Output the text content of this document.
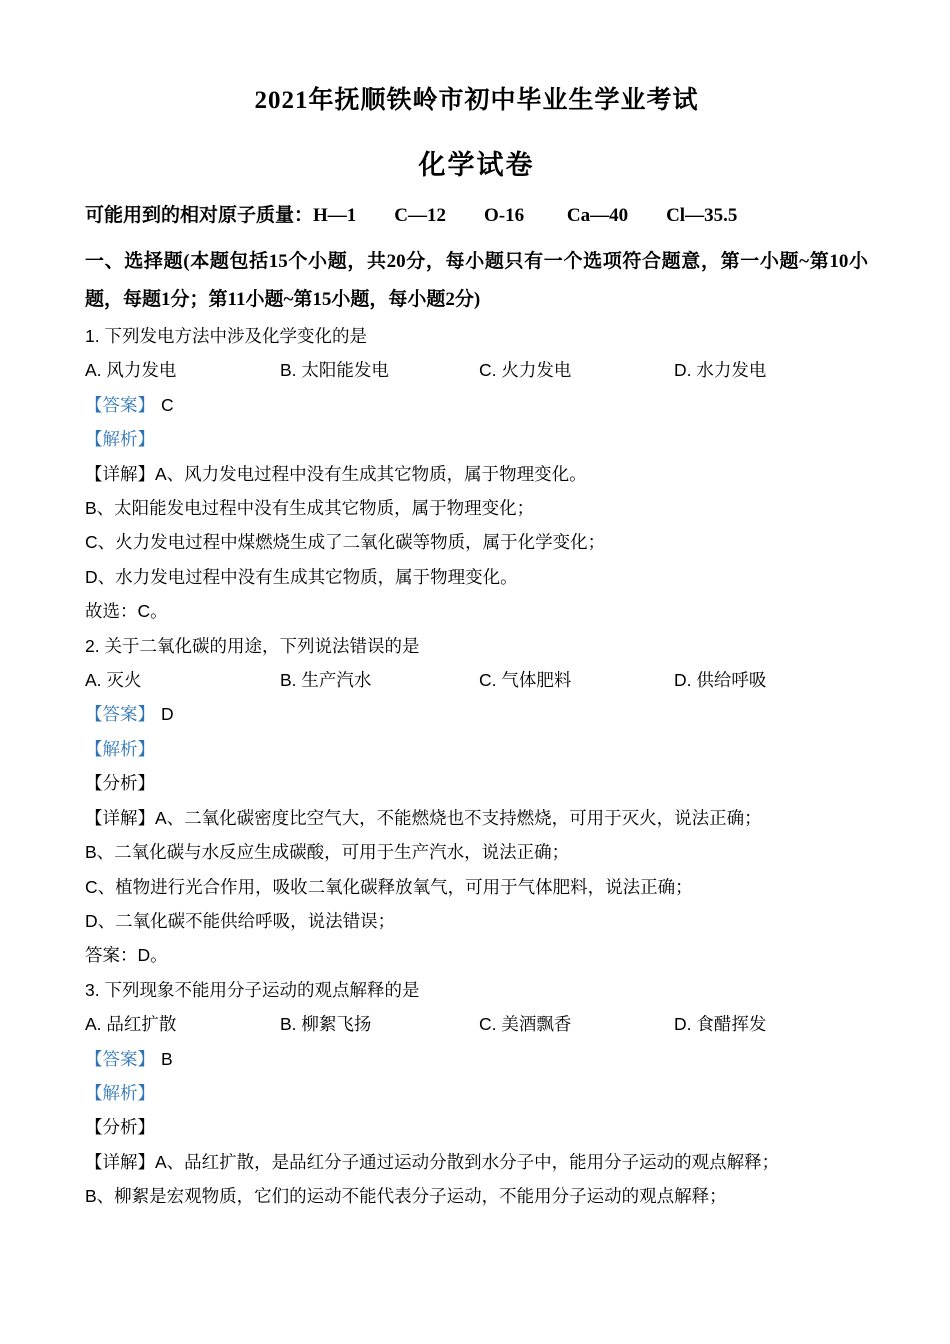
2021年抚顺铁岭市初中毕业生学业考试
化学试卷

可能用到的相对原子质量：H—1　　C—12　　O-16　　 Ca—40　　Cl—35.5

一、选择题(本题包括15个小题，共20分，每小题只有一个选项符合题意，第一小题~第10小题，每题1分；第11小题~第15小题，每小题2分)

1. 下列发电方法中涉及化学变化的是

A. 风力发电	B. 太阳能发电	C. 火力发电	D. 水力发电

【答案】 C

【解析】

【详解】A、风力发电过程中没有生成其它物质，属于物理变化。

B、太阳能发电过程中没有生成其它物质，属于物理变化；

C、火力发电过程中煤燃烧生成了二氧化碳等物质，属于化学变化；

D、水力发电过程中没有生成其它物质，属于物理变化。

故选：C。

2. 关于二氧化碳的用途，下列说法错误的是

A. 灭火	B. 生产汽水	C. 气体肥料	D. 供给呼吸

【答案】 D

【解析】

【分析】

【详解】A、二氧化碳密度比空气大，不能燃烧也不支持燃烧，可用于灭火，说法正确；

B、二氧化碳与水反应生成碳酸，可用于生产汽水，说法正确；

C、植物进行光合作用，吸收二氧化碳释放氧气，可用于气体肥料，说法正确；

D、二氧化碳不能供给呼吸，说法错误；

答案：D。

3. 下列现象不能用分子运动的观点解释的是

A. 品红扩散	B. 柳絮飞扬	C. 美酒飘香	D. 食醋挥发

【答案】 B

【解析】

【分析】

【详解】A、品红扩散，是品红分子通过运动分散到水分子中，能用分子运动的观点解释；

B、柳絮是宏观物质，它们的运动不能代表分子运动，不能用分子运动的观点解释；
